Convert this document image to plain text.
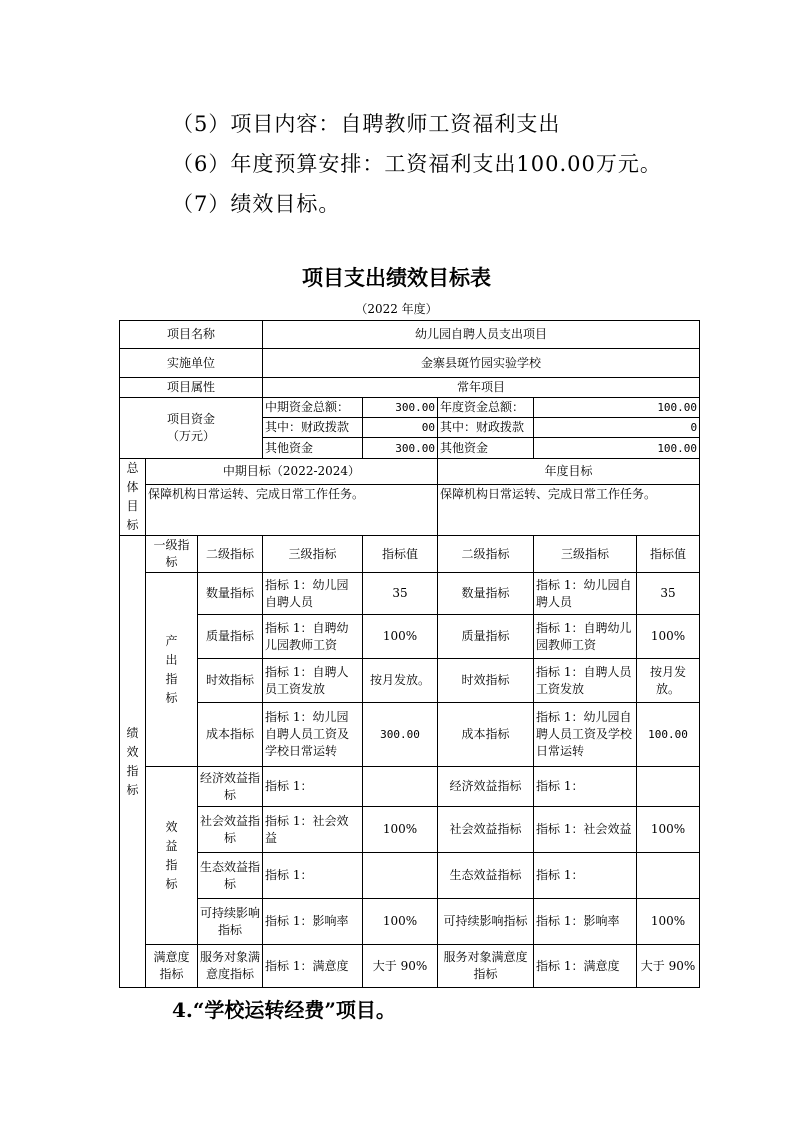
（5）项目内容：自聘教师工资福利支出
（6）年度预算安排：工资福利支出100.00万元。
（7）绩效目标。
项目支出绩效目标表
（2022 年度）
项目名称			幼儿园自聘人员支出项目				
实施单位			金寨县斑竹园实验学校				
项目属性			常年项目				

项目资金
（万元）			中期资金总额：	300.00	年度资金总额：	100.00	
			其中：财政拨款	00	其中：财政拨款	0	
			其他资金	300.00	其他资金	100.00	

总
体
目
标	中期目标（2022-2024）				年度目标		
	保障机构日常运转、完成日常工作任务。				保障机构日常运转、完成日常工作任务。		

绩
效
指
标	一级指标	二级指标	三级指标	指标值	二级指标	三级指标	指标值

	产
出
指
标	数量指标	指标 1：幼儿园自聘人员	35	数量指标	指标 1：幼儿园自聘人员	35
		质量指标	指标 1：自聘幼儿园教师工资	100%	质量指标	指标 1：自聘幼儿园教师工资	100%
		时效指标	指标 1：自聘人员工资发放	按月发放。	时效指标	指标 1：自聘人员工资发放	按月发放。
		成本指标	指标 1：幼儿园自聘人员工资及学校日常运转	300.00	成本指标	指标 1：幼儿园自聘人员工资及学校日常运转	100.00

	效
益
指
标	经济效益指标	指标 1：		经济效益指标	指标 1：	
		社会效益指标	指标 1：社会效益	100%	社会效益指标	指标 1：社会效益	100%
		生态效益指标	指标 1：		生态效益指标	指标 1：	
		可持续影响指标	指标 1：影响率	100%	可持续影响指标	指标 1：影响率	100%
	满意度指标	服务对象满意度指标	指标 1：满意度	大于 90%	服务对象满意度指标	指标 1：满意度	大于 90%
4.“学校运转经费”项目。
